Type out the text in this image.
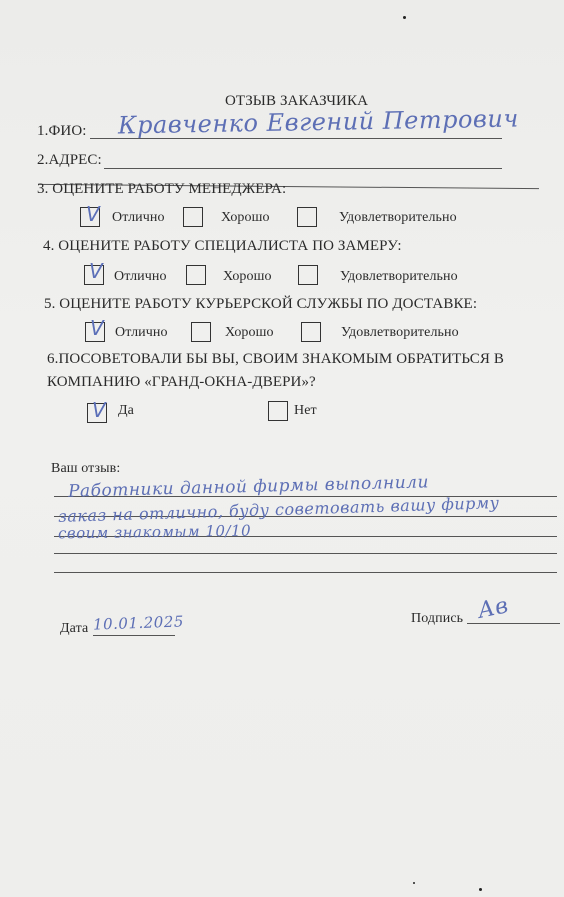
ОТЗЫВ ЗАКАЗЧИКА
1.ФИО: Кравченко Евгений Петрович
2.АДРЕС:
3. ОЦЕНИТЕ РАБОТУ МЕНЕДЖЕРА:
V Отлично	Хорошо	Удовлетворительно
4. ОЦЕНИТЕ РАБОТУ СПЕЦИАЛИСТА ПО ЗАМЕРУ:
V Отлично	Хорошо	Удовлетворительно
5. ОЦЕНИТЕ РАБОТУ КУРЬЕРСКОЙ СЛУЖБЫ ПО ДОСТАВКЕ:
V Отлично	Хорошо	Удовлетворительно
6.ПОСОВЕТОВАЛИ БЫ ВЫ, СВОИМ ЗНАКОМЫМ ОБРАТИТЬСЯ В
КОМПАНИЮ «ГРАНД-ОКНА-ДВЕРИ»?
V Да	Нет
Ваш отзыв:
Работники данной фирмы выполнили
заказ на отлично, буду советовать вашу фирму
своим знакомым 10/10
Дата 10.01.2025	Подпись Ав
